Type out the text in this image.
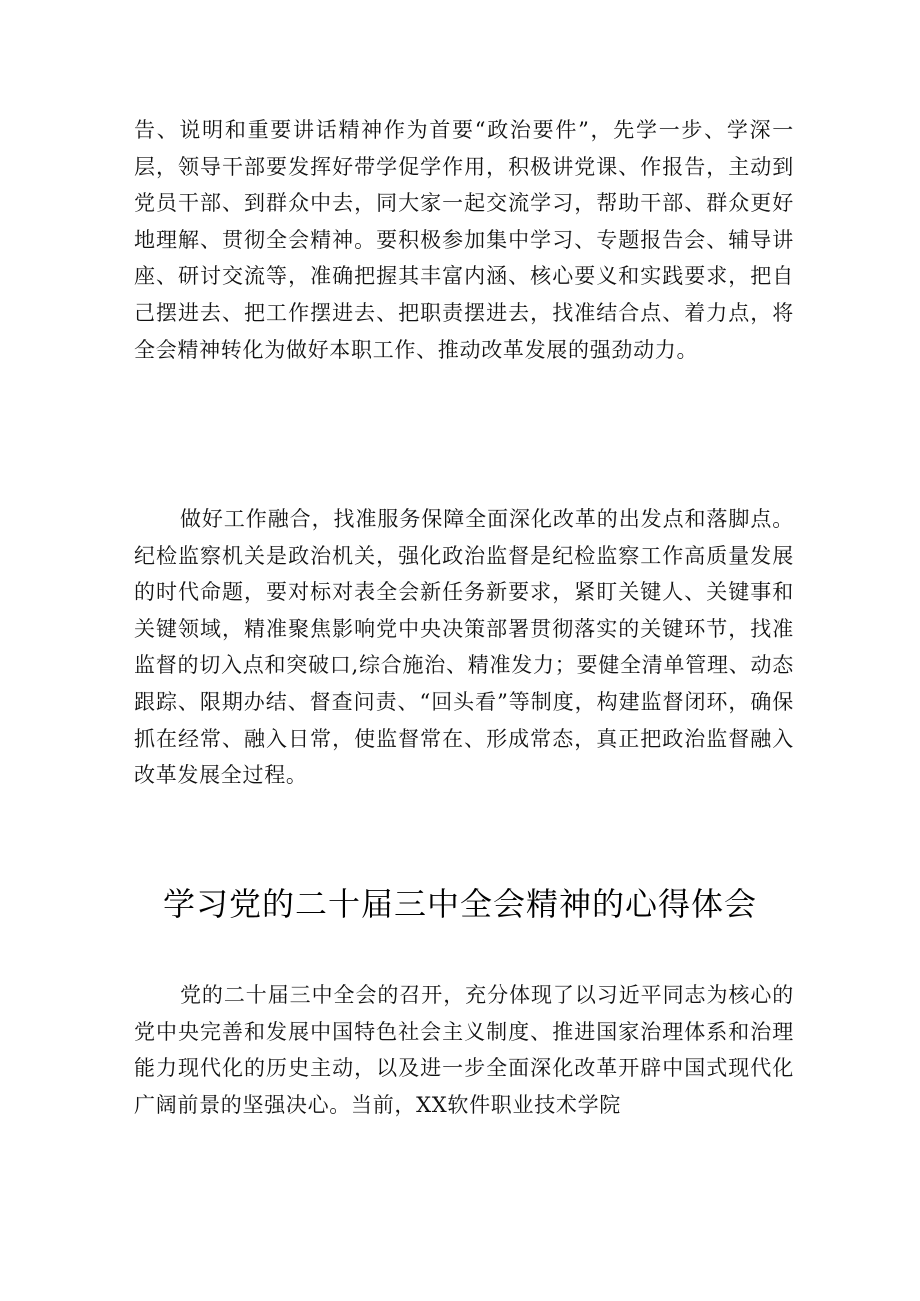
告、说明和重要讲话精神作为首要“政治要件”，先学一步、学深一层，领导干部要发挥好带学促学作用，积极讲党课、作报告，主动到党员干部、到群众中去，同大家一起交流学习，帮助干部、群众更好地理解、贯彻全会精神。要积极参加集中学习、专题报告会、辅导讲座、研讨交流等，准确把握其丰富内涵、核心要义和实践要求，把自己摆进去、把工作摆进去、把职责摆进去，找准结合点、着力点，将全会精神转化为做好本职工作、推动改革发展的强劲动力。

做好工作融合，找准服务保障全面深化改革的出发点和落脚点。纪检监察机关是政治机关，强化政治监督是纪检监察工作高质量发展的时代命题，要对标对表全会新任务新要求，紧盯关键人、关键事和关键领域，精准聚焦影响党中央决策部署贯彻落实的关键环节，找准监督的切入点和突破口,综合施治、精准发力；要健全清单管理、动态跟踪、限期办结、督查问责、“回头看”等制度，构建监督闭环，确保抓在经常、融入日常，使监督常在、形成常态，真正把政治监督融入改革发展全过程。

学习党的二十届三中全会精神的心得体会

党的二十届三中全会的召开，充分体现了以习近平同志为核心的党中央完善和发展中国特色社会主义制度、推进国家治理体系和治理能力现代化的历史主动，以及进一步全面深化改革开辟中国式现代化广阔前景的坚强决心。当前，XX软件职业技术学院
